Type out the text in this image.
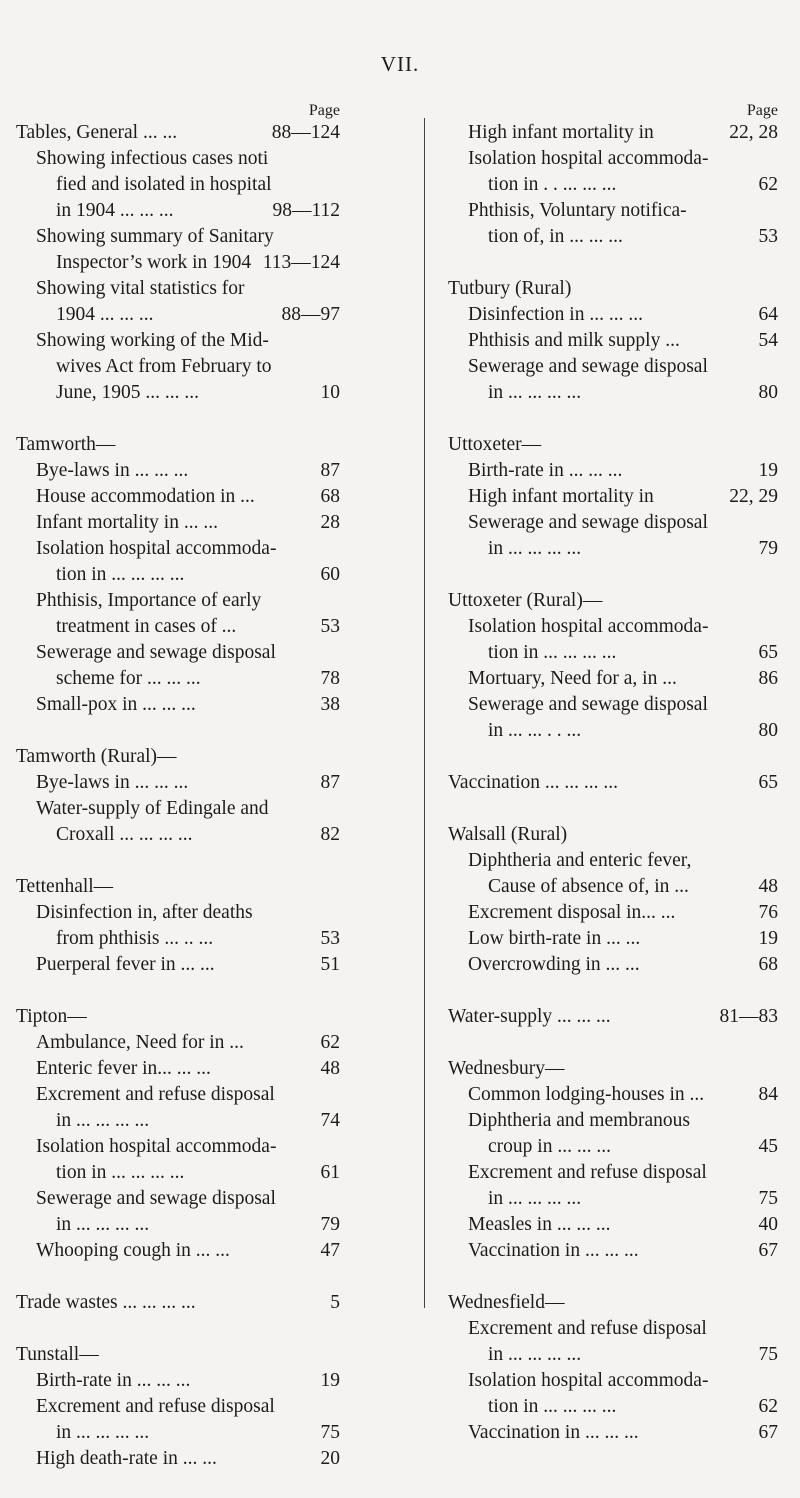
VII.
Page
Tables, General ... ...	88—124
Showing infectious cases noti
fied and isolated in hospital
in 1904 ... ... ...	98—112
Showing summary of Sanitary
Inspector’s work in 1904 113—124
Showing vital statistics for
1904 ... ... ...	88—97
Showing working of the Mid-
wives Act from February to
June, 1905 ... ... ...	10
Tamworth—
Bye-laws in ... ... ...	87
House accommodation in ...	68
Infant mortality in ... ...	28
Isolation hospital accommoda-
tion in ... ... ... ...	60
Phthisis, Importance of early
treatment in cases of ...	53
Sewerage and sewage disposal
scheme for ... ... ...	78
Small-pox in ... ... ...	38
Tamworth (Rural)—
Bye-laws in ... ... ...	87
Water-supply of Edingale and
Croxall ... ... ... ...	82
Tettenhall—
Disinfection in, after deaths
from phthisis ... .. ...	53
Puerperal fever in ... ...	51
Tipton—
Ambulance, Need for in ...	62
Enteric fever in... ... ...	48
Excrement and refuse disposal
in ... ... ... ...	74
Isolation hospital accommoda-
tion in ... ... ... ...	61
Sewerage and sewage disposal
in ... ... ... ...	79
Whooping cough in ... ...	47
Trade wastes ... ... ... ...	5
Tunstall—
Birth-rate in ... ... ...	19
Excrement and refuse disposal
in ... ... ... ...	75
High death-rate in ... ...	20
Page
High infant mortality in	22, 28
Isolation hospital accommoda-
tion in . . ... ... ...	62
Phthisis, Voluntary notifica-
tion of, in ... ... ...	53
Tutbury (Rural)
Disinfection in ... ... ...	64
Phthisis and milk supply ...	54
Sewerage and sewage disposal
in ... ... ... ...	80
Uttoxeter—
Birth-rate in ... ... ...	19
High infant mortality in	22, 29
Sewerage and sewage disposal
in ... ... ... ...	79
Uttoxeter (Rural)—
Isolation hospital accommoda-
tion in ... ... ... ...	65
Mortuary, Need for a, in ...	86
Sewerage and sewage disposal
in ... ... . . ...	80
Vaccination ... ... ... ...	65
Walsall (Rural)
Diphtheria and enteric fever,
Cause of absence of, in ...	48
Excrement disposal in... ...	76
Low birth-rate in ... ...	19
Overcrowding in ... ...	68
Water-supply ... ... ...	81—83
Wednesbury—
Common lodging-houses in ...	84
Diphtheria and membranous
croup in ... ... ...	45
Excrement and refuse disposal
in ... ... ... ...	75
Measles in ... ... ...	40
Vaccination in ... ... ...	67
Wednesfield—
Excrement and refuse disposal
in ... ... ... ...	75
Isolation hospital accommoda-
tion in ... ... ... ...	62
Vaccination in ... ... ...	67
